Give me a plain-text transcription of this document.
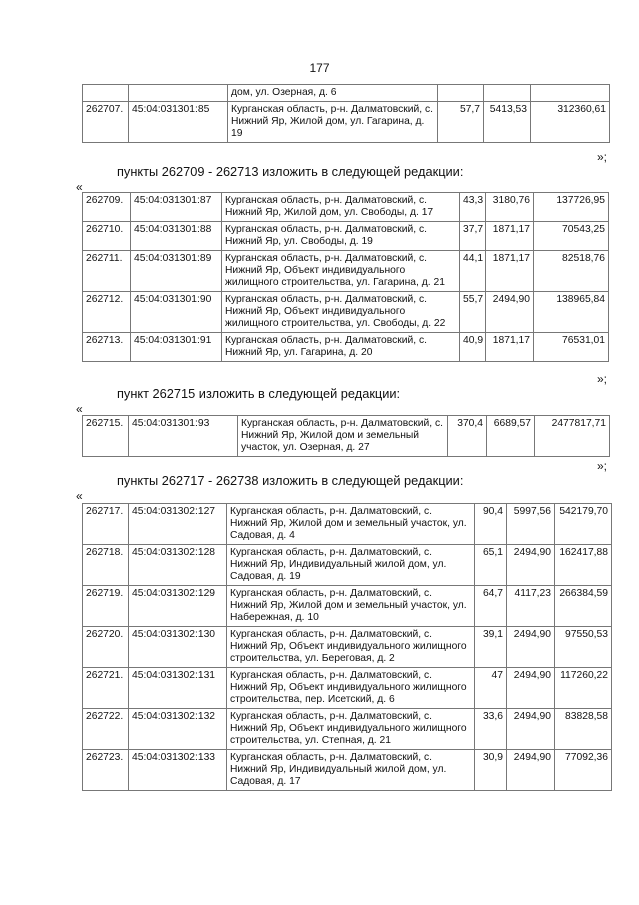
177
		дом, ул. Озерная, д. 6			
262707.	45:04:031301:85	Курганская область, р-н. Далматовский, с. Нижний Яр, Жилой дом, ул. Гагарина, д. 19	57,7	5413,53	312360,61
»;
пункты 262709 - 262713 изложить в следующей редакции:
«
262709.	45:04:031301:87	Курганская область, р-н. Далматовский, с. Нижний Яр, Жилой дом, ул. Свободы, д. 17	43,3	3180,76	137726,95
262710.	45:04:031301:88	Курганская область, р-н. Далматовский, с. Нижний Яр, ул. Свободы, д. 19	37,7	1871,17	70543,25
262711.	45:04:031301:89	Курганская область, р-н. Далматовский, с. Нижний Яр, Объект индивидуального жилищного строительства, ул. Гагарина, д. 21	44,1	1871,17	82518,76
262712.	45:04:031301:90	Курганская область, р-н. Далматовский, с. Нижний Яр, Объект индивидуального жилищного строительства, ул. Свободы, д. 22	55,7	2494,90	138965,84
262713.	45:04:031301:91	Курганская область, р-н. Далматовский, с. Нижний Яр, ул. Гагарина, д. 20	40,9	1871,17	76531,01
»;
пункт 262715 изложить в следующей редакции:
«
262715.	45:04:031301:93	Курганская область, р-н. Далматовский, с. Нижний Яр, Жилой дом и земельный участок, ул. Озерная, д. 27	370,4	6689,57	2477817,71
»;
пункты 262717 - 262738 изложить в следующей редакции:
«
262717.	45:04:031302:127	Курганская область, р-н. Далматовский, с. Нижний Яр, Жилой дом и земельный участок, ул. Садовая, д. 4	90,4	5997,56	542179,70
262718.	45:04:031302:128	Курганская область, р-н. Далматовский, с. Нижний Яр, Индивидуальный жилой дом, ул. Садовая, д. 19	65,1	2494,90	162417,88
262719.	45:04:031302:129	Курганская область, р-н. Далматовский, с. Нижний Яр, Жилой дом и земельный участок, ул. Набережная, д. 10	64,7	4117,23	266384,59
262720.	45:04:031302:130	Курганская область, р-н. Далматовский, с. Нижний Яр, Объект индивидуального жилищного строительства, ул. Береговая, д. 2	39,1	2494,90	97550,53
262721.	45:04:031302:131	Курганская область, р-н. Далматовский, с. Нижний Яр, Объект индивидуального жилищного строительства, пер. Исетский, д. 6	47	2494,90	117260,22
262722.	45:04:031302:132	Курганская область, р-н. Далматовский, с. Нижний Яр, Объект индивидуального жилищного строительства, ул. Степная, д. 21	33,6	2494,90	83828,58
262723.	45:04:031302:133	Курганская область, р-н. Далматовский, с. Нижний Яр, Индивидуальный жилой дом, ул. Садовая, д. 17	30,9	2494,90	77092,36
